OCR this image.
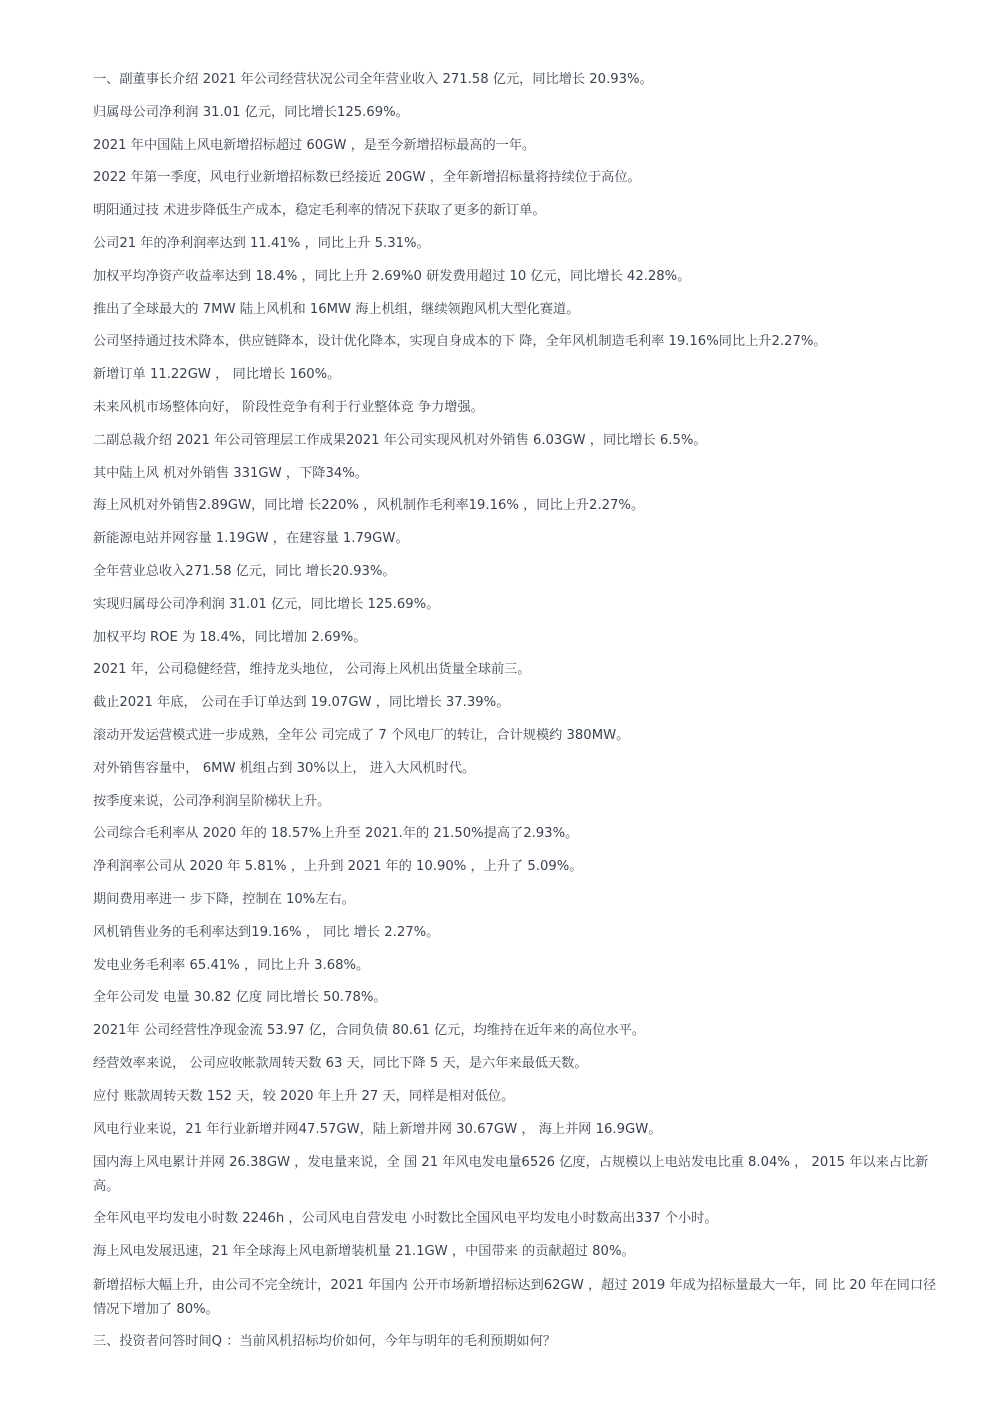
一、副董事长介绍 2021 年公司经营状况公司全年营业收入 271.58 亿元，同比增长 20.93%。

归属母公司净利润 31.01 亿元，同比增长125.69%。

2021 年中国陆上风电新增招标超过 60GW ，是至今新增招标最高的一年。

2022 年第一季度，风电行业新增招标数已经接近 20GW ，全年新增招标量将持续位于高位。

明阳通过技 术进步降低生产成本，稳定毛利率的情况下获取了更多的新订单。

公司21 年的净利润率达到 11.41% ，同比上升 5.31%。

加权平均净资产收益率达到 18.4% ，同比上升 2.69%0 研发费用超过 10 亿元，同比增长 42.28%。

推出了全球最大的 7MW 陆上风机和 16MW 海上机组，继续领跑风机大型化赛道。

公司坚持通过技术降本，供应链降本，设计优化降本，实现自身成本的下 降，全年风机制造毛利率 19.16%同比上升2.27%。

新增订单 11.22GW ， 同比增长 160%。

未来风机市场整体向好， 阶段性竞争有利于行业整体竞 争力增强。

二副总裁介绍 2021 年公司管理层工作成果2021 年公司实现风机对外销售 6.03GW ，同比增长 6.5%。

其中陆上风 机对外销售 331GW ，下降34%。

海上风机对外销售2.89GW，同比增 长220% ，风机制作毛利率19.16% ，同比上升2.27%。

新能源电站并网容量 1.19GW ，在建容量 1.79GW。

全年营业总收入271.58 亿元，同比 增长20.93%。

实现归属母公司净利润 31.01 亿元，同比增长 125.69%。

加权平均 ROE 为 18.4%，同比增加 2.69%。

2021 年，公司稳健经营，维持龙头地位， 公司海上风机出货量全球前三。

截止2021 年底， 公司在手订单达到 19.07GW ，同比增长 37.39%。

滚动开发运营模式进一步成熟，全年公 司完成了 7 个风电厂的转让，合计规模约 380MW。

对外销售容量中， 6MW 机组占到 30%以上， 进入大风机时代。

按季度来说，公司净利润呈阶梯状上升。

公司综合毛利率从 2020 年的 18.57%上升至 2021.年的 21.50%提高了2.93%。

净利润率公司从 2020 年 5.81% ，上升到 2021 年的 10.90% ，上升了 5.09%。

期间费用率进一 步下降，控制在 10%左右。

风机销售业务的毛利率达到19.16% ， 同比 增长 2.27%。

发电业务毛利率 65.41% ，同比上升 3.68%。

全年公司发 电量 30.82 亿度 同比增长 50.78%。

2021年 公司经营性净现金流 53.97 亿，合同负债 80.61 亿元，均维持在近年来的高位水平。

经营效率来说， 公司应收帐款周转天数 63 天，同比下降 5 天，是六年来最低天数。

应付 账款周转天数 152 天，较 2020 年上升 27 天，同样是相对低位。

风电行业来说，21 年行业新增并网47.57GW，陆上新增并网 30.67GW ， 海上并网 16.9GW。

国内海上风电累计并网 26.38GW ，发电量来说，全 国 21 年风电发电量6526 亿度，占规模以上电站发电比重 8.04% ， 2015 年以来占比新高。

全年风电平均发电小时数 2246h ，公司风电自营发电 小时数比全国风电平均发电小时数高出337 个小时。

海上风电发展迅速，21 年全球海上风电新增装机量 21.1GW ，中国带来 的贡献超过 80%。

新增招标大幅上升，由公司不完全统计，2021 年国内 公开市场新增招标达到62GW ，超过 2019 年成为招标量最大一年，同 比 20 年在同口径情况下增加了 80%。

三、投资者问答时间Q ：当前风机招标均价如何，今年与明年的毛利预期如何？
